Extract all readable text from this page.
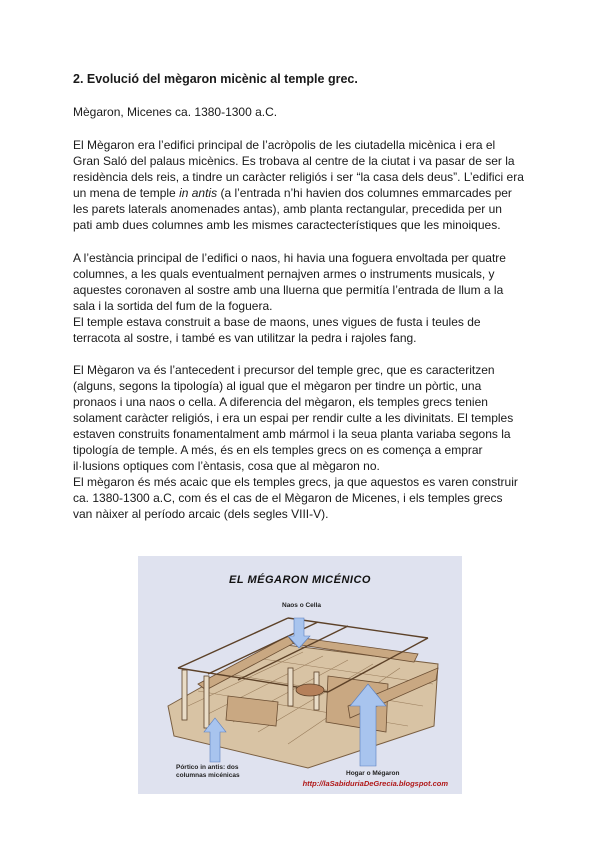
2. Evolució del mègaron micènic al temple grec.
Mègaron, Micenes ca. 1380-1300 a.C.
El Mègaron era l’edifici principal de l’acròpolis de les ciutadella micènica i era el
Gran Saló del palaus micènics. Es trobava al centre de la ciutat i va pasar de ser la
residència dels reis, a tindre un caràcter religiós i ser “la casa dels deus”. L’edifici era
un mena de temple in antis (a l’entrada n’hi havien dos columnes emmarcades per
les parets laterals anomenades antas), amb planta rectangular, precedida per un
pati amb dues columnes amb les mismes caractecterístiques que les minoiques.
A l’estància principal de l’edifici o naos, hi havia una foguera envoltada per quatre
columnes, a les quals eventualment pernajven armes o instruments musicals, y
aquestes coronaven al sostre amb una lluerna que permitía l’entrada de llum a la
sala i la sortida del fum de la foguera.
El temple estava construit a base de maons, unes vigues de fusta i teules de
terracota al sostre, i també es van utilitzar la pedra i rajoles fang.
El Mègaron va és l’antecedent i precursor del temple grec, que es caracteritzen
(alguns, segons la tipología) al igual que el mègaron per tindre un pòrtic, una
pronaos i una naos o cella. A diferencia del mègaron, els temples grecs tenien
solament caràcter religiós, i era un espai per rendir culte a les divinitats. El temples
estaven construits fonamentalment amb mármol i la seua planta variaba segons la
tipología de temple. A més, és en els temples grecs on es comença a emprar
il·lusions optiques com l’èntasis, cosa que al mègaron no.
El mègaron és més acaic que els temples grecs, ja que aquestos es varen construir
ca. 1380-1300 a.C, com és el cas de el Mègaron de Micenes, i els temples grecs
van nàixer al período arcaic (dels segles VIII-V).
EL MÉGARON MICÉNICO
Naos o Cella
Pórtico in antis: dos
columnas micénicas	Hogar o Mégaron
http://laSabiduriaDeGrecia.blogspot.com
